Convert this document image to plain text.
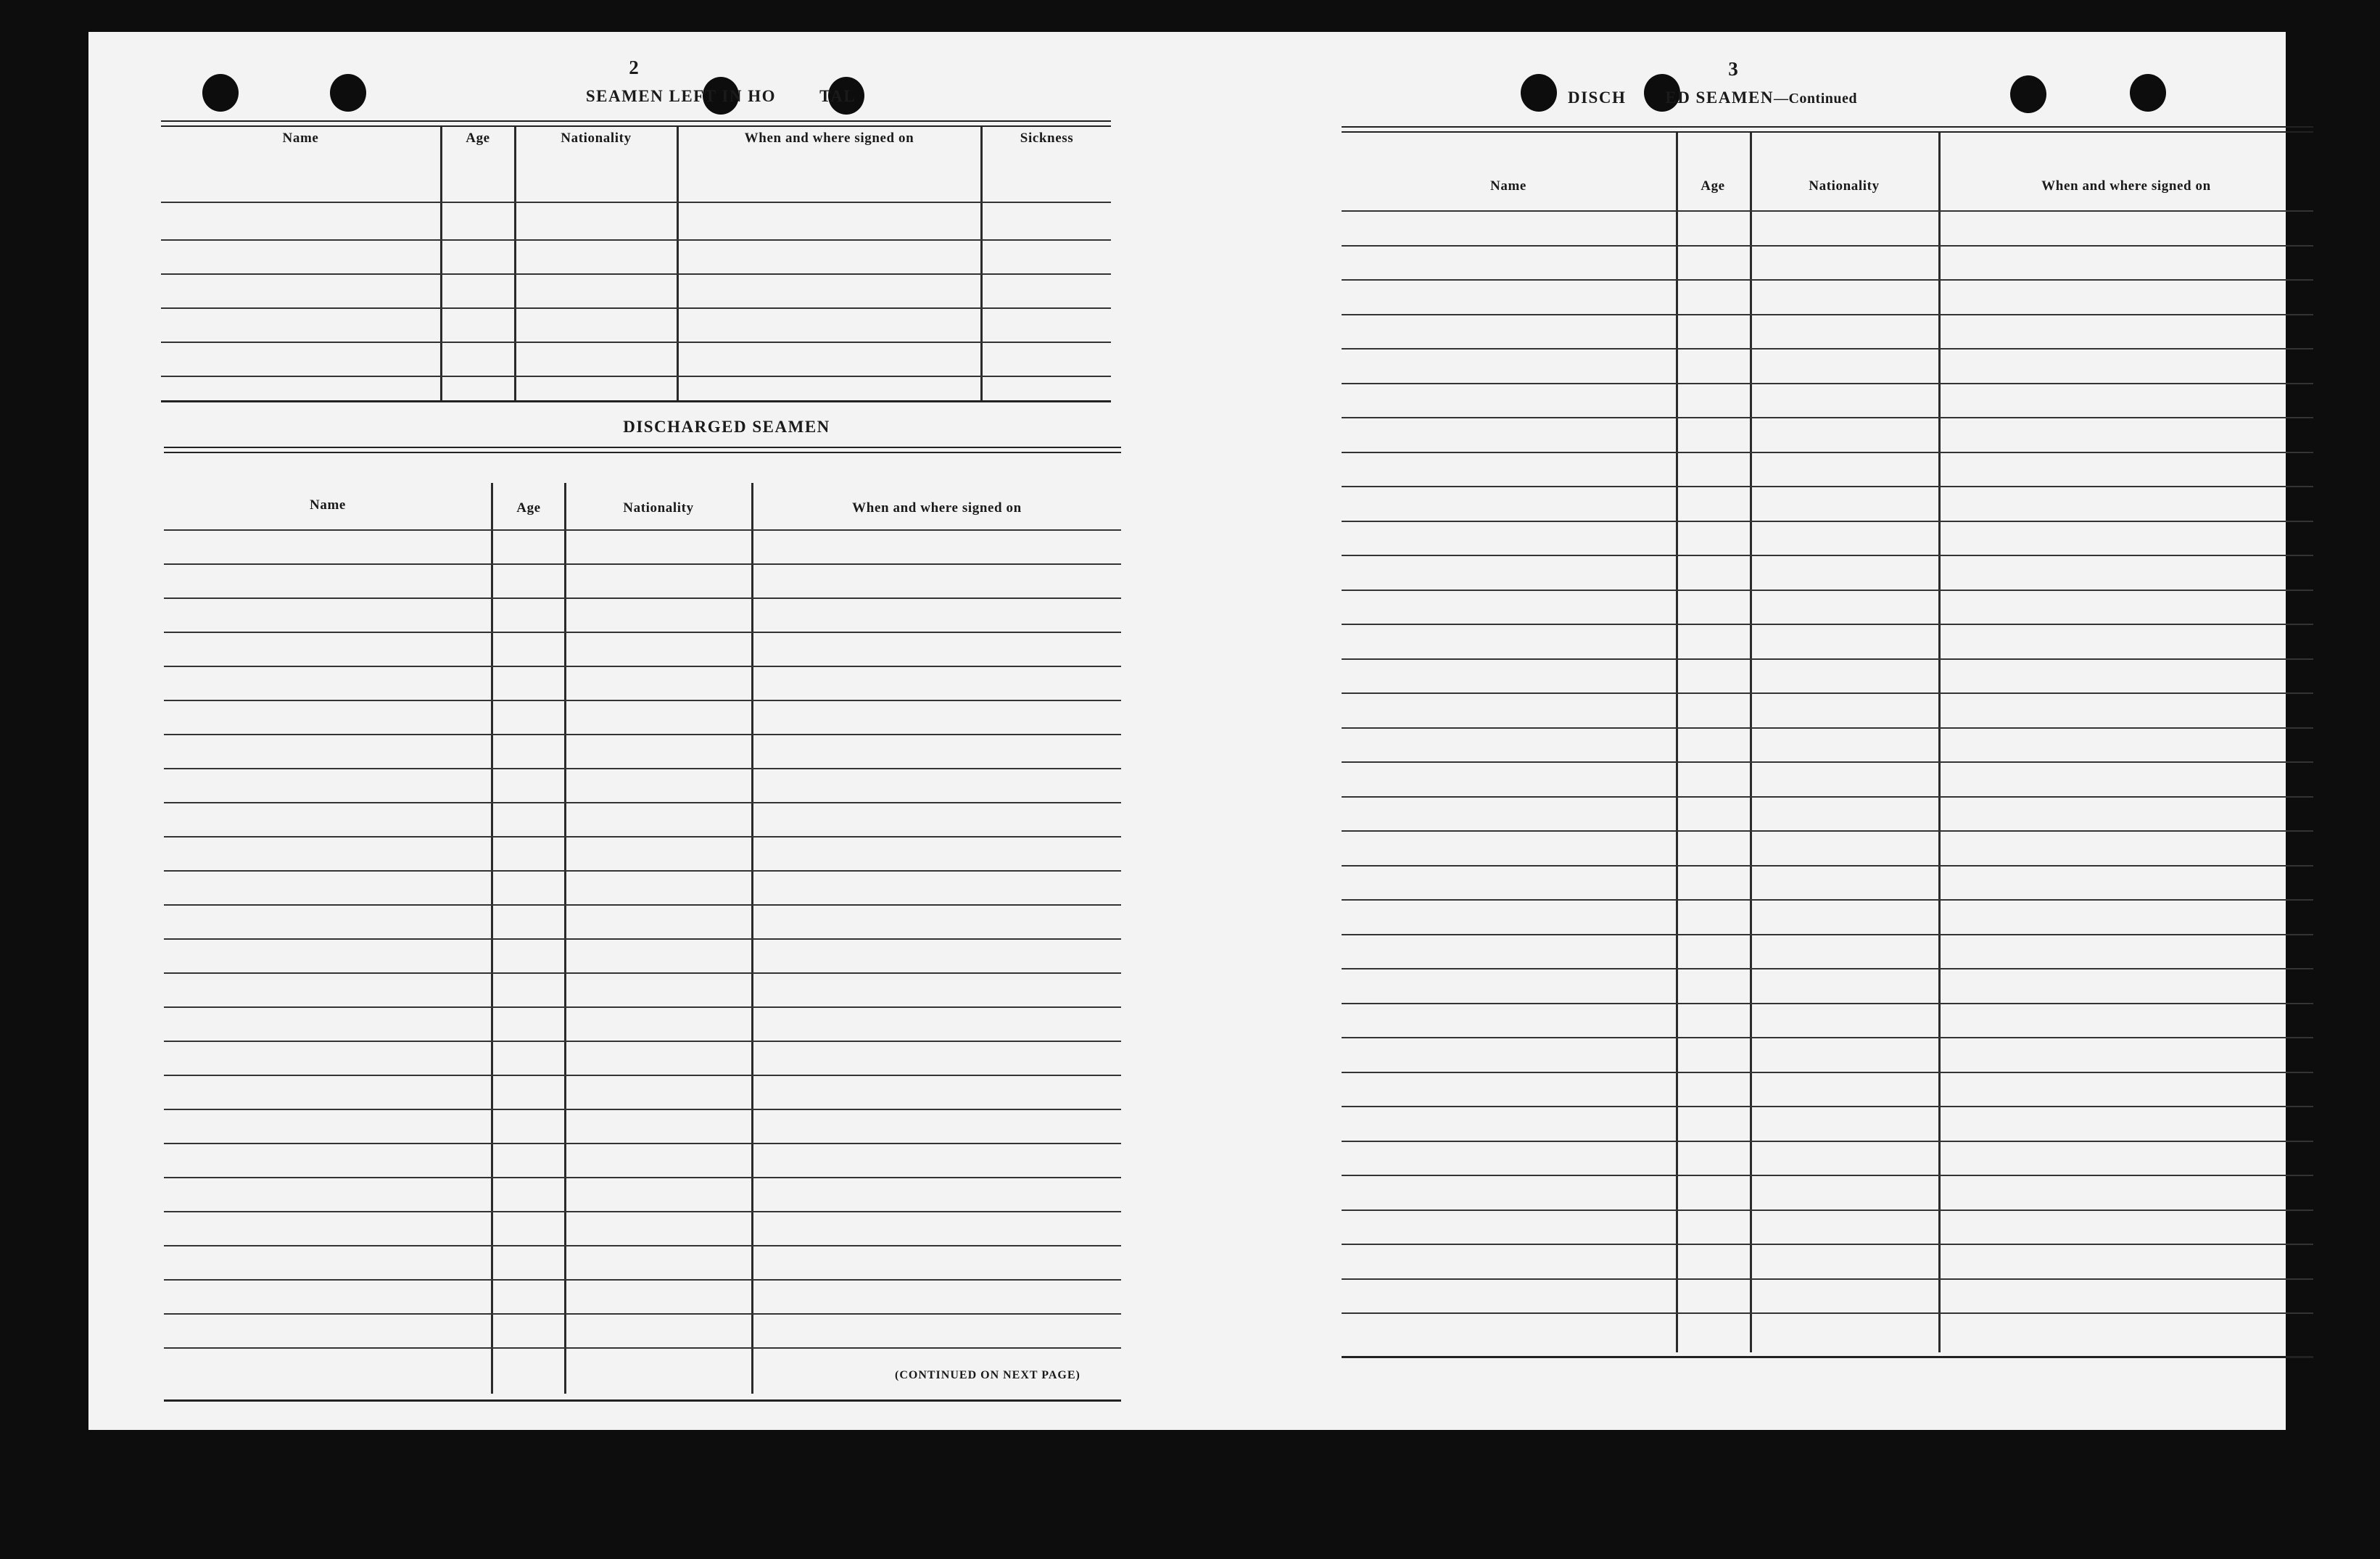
2
SEAMEN LEFT IN HO	TAL
Name	Age	Nationality	When and where signed on	Sickness
DISCHARGED SEAMEN
Name	Age	Nationality	When and where signed on
(CONTINUED ON NEXT PAGE)
3
DISCH ED SEAMEN—Continued
Name	Age	Nationality	When and where signed on
